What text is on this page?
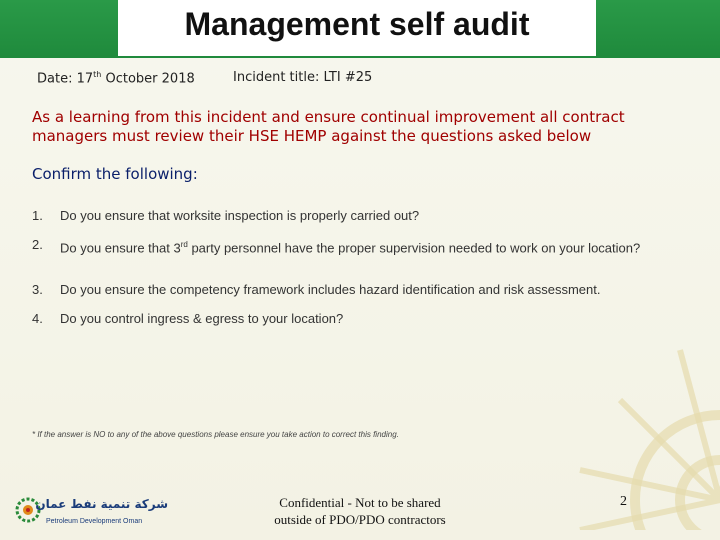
Management self audit
Date: 17th October 2018	Incident title: LTI #25
As a learning from this incident and ensure continual improvement all contract managers must review their HSE HEMP against the questions asked below
Confirm the following:
1. Do you ensure that worksite inspection is properly carried out?
2. Do you ensure that 3rd party personnel have the proper supervision needed to work on your location?
3. Do you ensure the competency framework includes hazard identification and risk assessment.
4. Do you control ingress & egress to your location?
* If the answer is NO to any of the above questions please ensure you take action to correct this finding.
شركة تنمية نفط عمان
Petroleum Development Oman
Confidential - Not to be shared
outside of PDO/PDO contractors
2
